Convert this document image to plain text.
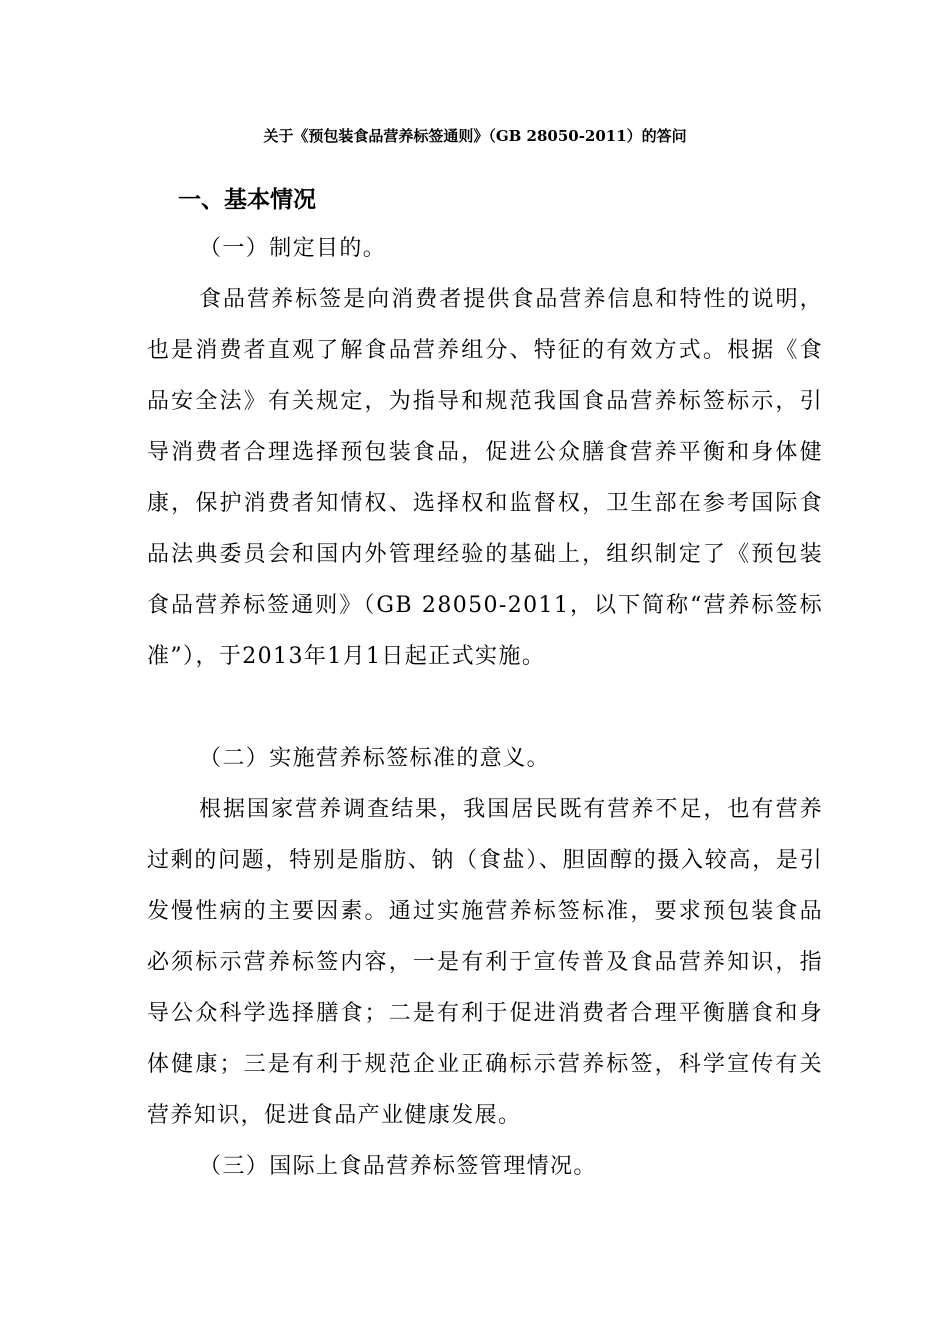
关于《预包装食品营养标签通则》（GB 28050-2011）的答问
一、基本情况

（一）制定目的。

食品营养标签是向消费者提供食品营养信息和特性的说明，也是消费者直观了解食品营养组分、特征的有效方式。根据《食品安全法》有关规定，为指导和规范我国食品营养标签标示，引导消费者合理选择预包装食品，促进公众膳食营养平衡和身体健康，保护消费者知情权、选择权和监督权，卫生部在参考国际食品法典委员会和国内外管理经验的基础上，组织制定了《预包装食品营养标签通则》（GB 28050-2011，以下简称“营养标签标准”），于2013年1月1日起正式实施。

（二）实施营养标签标准的意义。

根据国家营养调查结果，我国居民既有营养不足，也有营养过剩的问题，特别是脂肪、钠（食盐）、胆固醇的摄入较高，是引发慢性病的主要因素。通过实施营养标签标准，要求预包装食品必须标示营养标签内容，一是有利于宣传普及食品营养知识，指导公众科学选择膳食；二是有利于促进消费者合理平衡膳食和身体健康；三是有利于规范企业正确标示营养标签，科学宣传有关营养知识，促进食品产业健康发展。

（三）国际上食品营养标签管理情况。
